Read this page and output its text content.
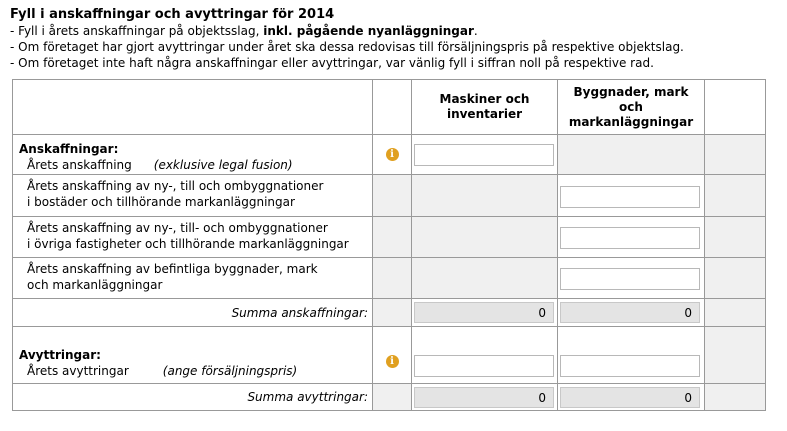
Fyll i anskaffningar och avyttringar för 2014
- Fyll i årets anskaffningar på objektsslag, inkl. pågående nyanläggningar.
- Om företaget har gjort avyttringar under året ska dessa redovisas till försäljningspris på respektive objektslag.
- Om företaget inte haft några anskaffningar eller avyttringar, var vänlig fyll i siffran noll på respektive rad.

		Maskiner och inventarier	Byggnader, mark och markanläggningar	

Anskaffningar:
Årets anskaffning (exklusive legal fusion)	i

Årets anskaffning av ny-, till och ombyggnationer
i bostäder och tillhörande markanläggningar

Årets anskaffning av ny-, till- och ombyggnationer
i övriga fastigheter och tillhörande markanläggningar

Årets anskaffning av befintliga byggnader, mark
och markanläggningar

Summa anskaffningar:		0	0	

Avyttringar:
Årets avyttringar (ange försäljningspris)	i

Summa avyttringar:		0	0	
